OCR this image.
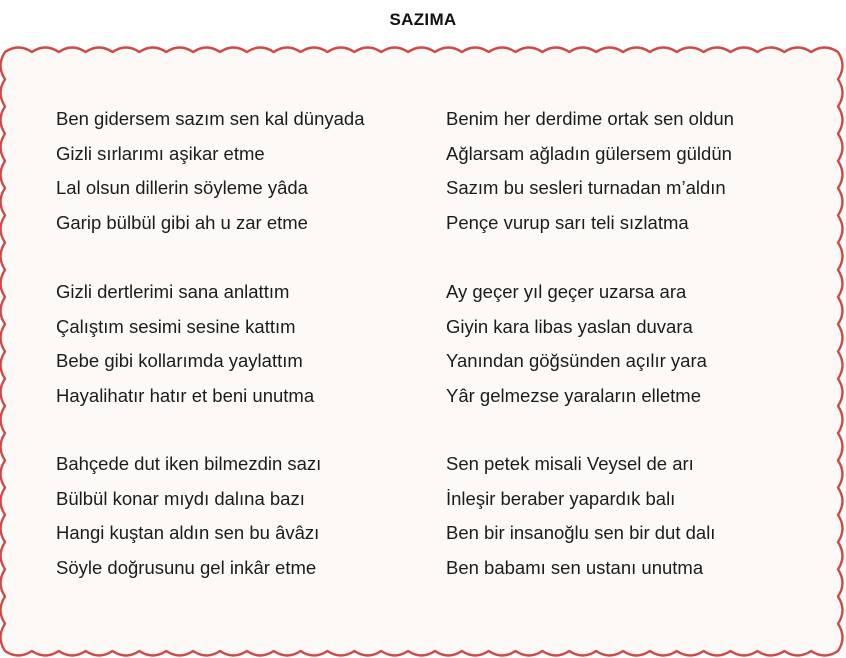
SAZIMA
Ben gidersem sazım sen kal dünyada
Gizli sırlarımı aşikar etme
Lal olsun dillerin söyleme yâda
Garip bülbül gibi ah u zar etme
Gizli dertlerimi sana anlattım
Çalıştım sesimi sesine kattım
Bebe gibi kollarımda yaylattım
Hayalihatır hatır et beni unutma
Bahçede dut iken bilmezdin sazı
Bülbül konar mıydı dalına bazı
Hangi kuştan aldın sen bu âvâzı
Söyle doğrusunu gel inkâr etme
Benim her derdime ortak sen oldun
Ağlarsam ağladın gülersem güldün
Sazım bu sesleri turnadan m’aldın
Pençe vurup sarı teli sızlatma
Ay geçer yıl geçer uzarsa ara
Giyin kara libas yaslan duvara
Yanından göğsünden açılır yara
Yâr gelmezse yaraların elletme
Sen petek misali Veysel de arı
İnleşir beraber yapardık balı
Ben bir insanoğlu sen bir dut dalı
Ben babamı sen ustanı unutma
